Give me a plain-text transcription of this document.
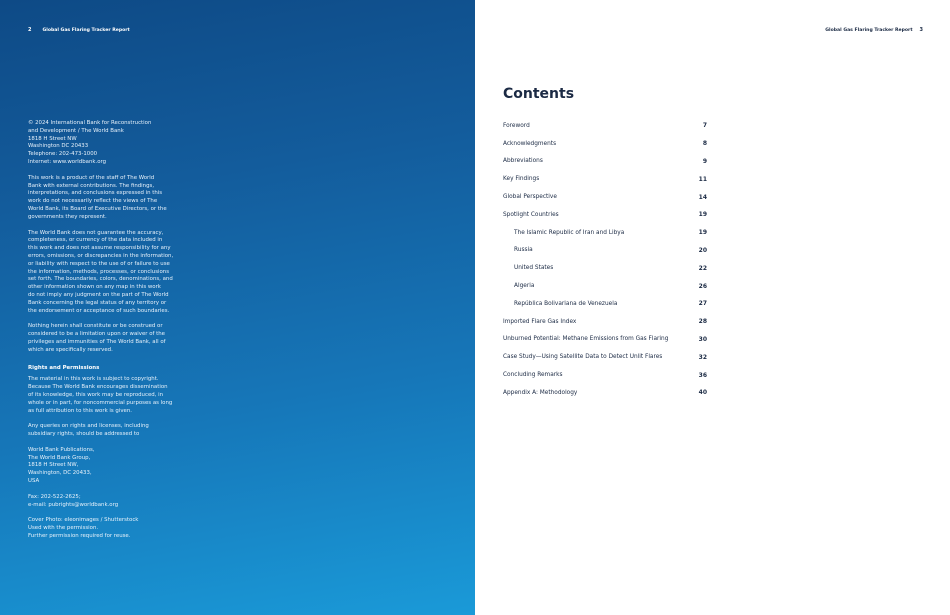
2 Global Gas Flaring Tracker Report

© 2024 International Bank for Reconstruction
and Development / The World Bank
1818 H Street NW
Washington DC 20433
Telephone: 202-473-1000
Internet: www.worldbank.org

This work is a product of the staff of The World
Bank with external contributions. The findings,
interpretations, and conclusions expressed in this
work do not necessarily reflect the views of The
World Bank, its Board of Executive Directors, or the
governments they represent.

The World Bank does not guarantee the accuracy,
completeness, or currency of the data included in
this work and does not assume responsibility for any
errors, omissions, or discrepancies in the information,
or liability with respect to the use of or failure to use
the information, methods, processes, or conclusions
set forth. The boundaries, colors, denominations, and
other information shown on any map in this work
do not imply any judgment on the part of The World
Bank concerning the legal status of any territory or
the endorsement or acceptance of such boundaries.

Nothing herein shall constitute or be construed or
considered to be a limitation upon or waiver of the
privileges and immunities of The World Bank, all of
which are specifically reserved.

Rights and Permissions

The material in this work is subject to copyright.
Because The World Bank encourages dissemination
of its knowledge, this work may be reproduced, in
whole or in part, for noncommercial purposes as long
as full attribution to this work is given.

Any queries on rights and licenses, including
subsidiary rights, should be addressed to

World Bank Publications,
The World Bank Group,
1818 H Street NW,
Washington, DC 20433,
USA

Fax: 202-522-2625;
e-mail: pubrights@worldbank.org

Cover Photo: eleonimages / Shutterstock
Used with the permission.
Further permission required for reuse.

Global Gas Flaring Tracker Report 3
Contents
Foreword	7
Acknowledgments	8
Abbreviations	9
Key Findings	11
Global Perspective	14
Spotlight Countries	19
The Islamic Republic of Iran and Libya	19
Russia	20
United States	22
Algeria	26
República Bolivariana de Venezuela	27
Imported Flare Gas Index	28
Unburned Potential: Methane Emissions from Gas Flaring	30
Case Study—Using Satellite Data to Detect Unlit Flares	32
Concluding Remarks	36
Appendix A: Methodology	40
